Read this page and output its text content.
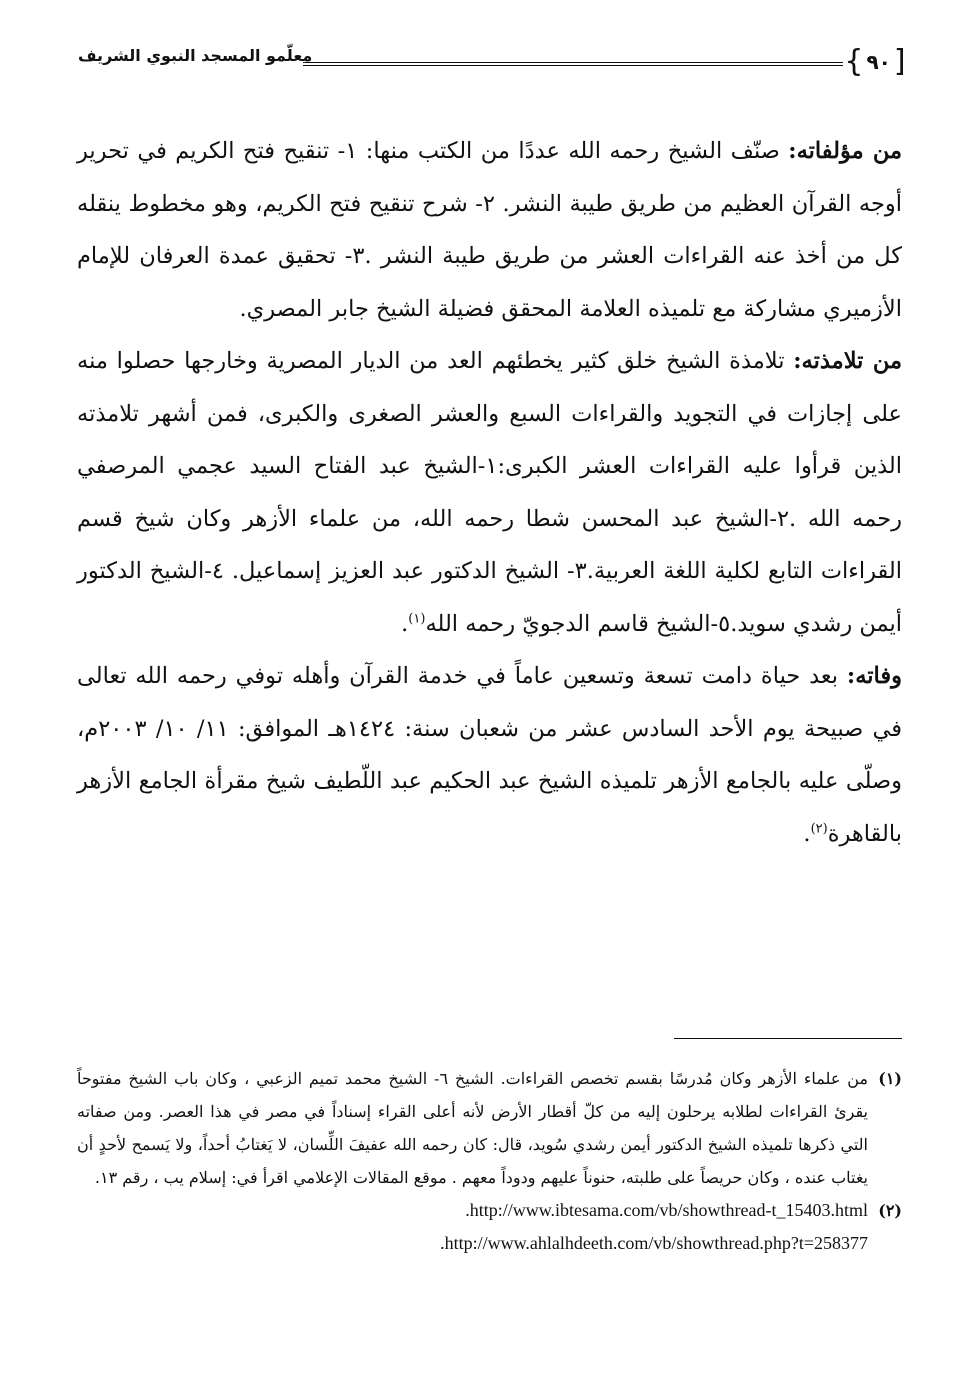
[
٩٠
}
معلّمو المسجد النبوي الشريف

من مؤلفاته: صنّف الشيخ رحمه الله عددًا من الكتب منها: ١- تنقيح فتح الكريم في تحرير أوجه القرآن العظيم من طريق طيبة النشر. ٢- شرح تنقيح فتح الكريم، وهو مخطوط ينقله كل من أخذ عنه القراءات العشر من طريق طيبة النشر .٣- تحقيق عمدة العرفان للإمام الأزميري مشاركة مع تلميذه العلامة المحقق فضيلة الشيخ جابر المصري.

من تلامذته: تلامذة الشيخ خلق كثير يخطئهم العد من الديار المصرية وخارجها حصلوا منه على إجازات في التجويد والقراءات السبع والعشر الصغرى والكبرى، فمن أشهر تلامذته الذين قرأوا عليه القراءات العشر الكبرى:١-الشيخ عبد الفتاح السيد عجمي المرصفي رحمه الله .٢-الشيخ عبد المحسن شطا رحمه الله، من علماء الأزهر وكان شيخ قسم القراءات التابع لكلية اللغة العربية.٣- الشيخ الدكتور عبد العزيز إسماعيل. ٤-الشيخ الدكتور أيمن رشدي سويد.٥-الشيخ قاسم الدجويّ رحمه الله$^{(١)}$.

وفاته: بعد حياة دامت تسعة وتسعين عاماً في خدمة القرآن وأهله توفي رحمه الله تعالى في صبيحة يوم الأحد السادس عشر من شعبان سنة: ١٤٢٤هـ الموافق: ١١/ ١٠/ ٢٠٠٣م، وصلّى عليه بالجامع الأزهر تلميذه الشيخ عبد الحكيم عبد اللّطيف شيخ مقرأة الجامع الأزهر بالقاهرة$^{(٢)}$.

(١)
من علماء الأزهر وكان مُدرسًا بقسم تخصص القراءات. الشيخ ٦- الشيخ محمد تميم الزعبي ، وكان باب الشيخ مفتوحاً يقرئ القراءات لطلابه يرحلون إليه من كلّ أقطار الأرض لأنه أعلى القراء إسناداً في مصر في هذا العصر. ومن صفاته التي ذكرها تلميذه الشيخ الدكتور أيمن رشدي سُويد، قال: كان رحمه الله عفيفَ اللِّسان، لا يَغتابُ أحداً، ولا يَسمح لأحدٍ أن يغتاب عنده ، وكان حريصاً على طلبته، حنوناً عليهم ودوداً معهم . موقع المقالات الإعلامي اقرأ في: إسلام يب ، رقم ١٣.

(٢)
.http://www.ibtesama.com/vb/showthread-t_15403.html
.http://www.ahlalhdeeth.com/vb/showthread.php?t=258377
